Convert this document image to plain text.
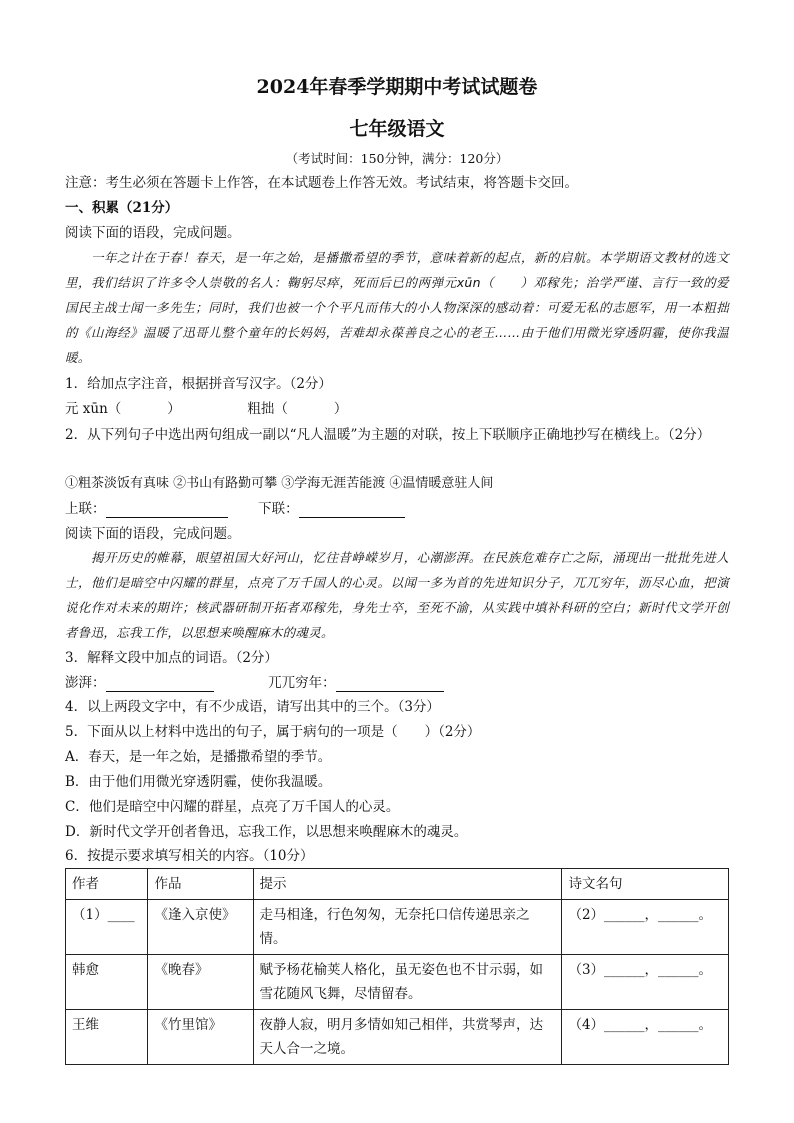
2024年春季学期期中考试试题卷
七年级语文
（考试时间：150分钟，满分：120分）
注意：考生必须在答题卡上作答，在本试题卷上作答无效。考试结束，将答题卡交回。
一、积累（21分）
阅读下面的语段，完成问题。
一年之计在于春！春天，是一年之始，是播撒希望的季节，意味着新的起点，新的启航。本学期语文教材的选文里，我们结识了许多令人崇敬的名人：鞠躬尽瘁，死而后已的两弹元xūn（　　）邓稼先；治学严谨、言行一致的爱国民主战士闻一多先生；同时，我们也被一个个平凡而伟大的小人物深深的感动着：可爱无私的志愿军，用一本粗拙的《山海经》温暖了迅哥儿整个童年的长妈妈，苦难却永葆善良之心的老王……由于他们用微光穿透阴霾，使你我温暖。
1．给加点字注音，根据拼音写汉字。（2分）
元 xūn（	）	粗拙（	）
2．从下列句子中选出两句组成一副以“凡人温暖”为主题的对联，按上下联顺序正确地抄写在横线上。（2分）
①粗茶淡饭有真味 ②书山有路勤可攀 ③学海无涯苦能渡 ④温情暖意驻人间
上联：	下联：
阅读下面的语段，完成问题。
揭开历史的帷幕，眼望祖国大好河山，忆往昔峥嵘岁月，心潮澎湃。在民族危难存亡之际，涌现出一批批先进人士，他们是暗空中闪耀的群星，点亮了万千国人的心灵。以闻一多为首的先进知识分子，兀兀穷年，沥尽心血，把演说化作对未来的期许；核武器研制开拓者邓稼先，身先士卒，至死不渝，从实践中填补科研的空白；新时代文学开创者鲁迅，忘我工作，以思想来唤醒麻木的魂灵。
3．解释文段中加点的词语。（2分）
澎湃：	兀兀穷年：
4．以上两段文字中，有不少成语，请写出其中的三个。（3分）
5．下面从以上材料中选出的句子，属于病句的一项是（　　）（2分）
A．春天，是一年之始，是播撒希望的季节。
B．由于他们用微光穿透阴霾，使你我温暖。
C．他们是暗空中闪耀的群星，点亮了万千国人的心灵。
D．新时代文学开创者鲁迅，忘我工作，以思想来唤醒麻木的魂灵。
6．按提示要求填写相关的内容。（10分）
作者	作品	提示	诗文名句
（1）____	《逢入京使》	走马相逢，行色匆匆，无奈托口信传递思亲之情。	（2）______，______。
韩愈	《晚春》	赋予杨花榆荚人格化，虽无姿色也不甘示弱，如雪花随风飞舞，尽情留春。	（3）______，______。
王维	《竹里馆》	夜静人寂，明月多情如知己相伴，共赏琴声，达天人合一之境。	（4）______，______。
